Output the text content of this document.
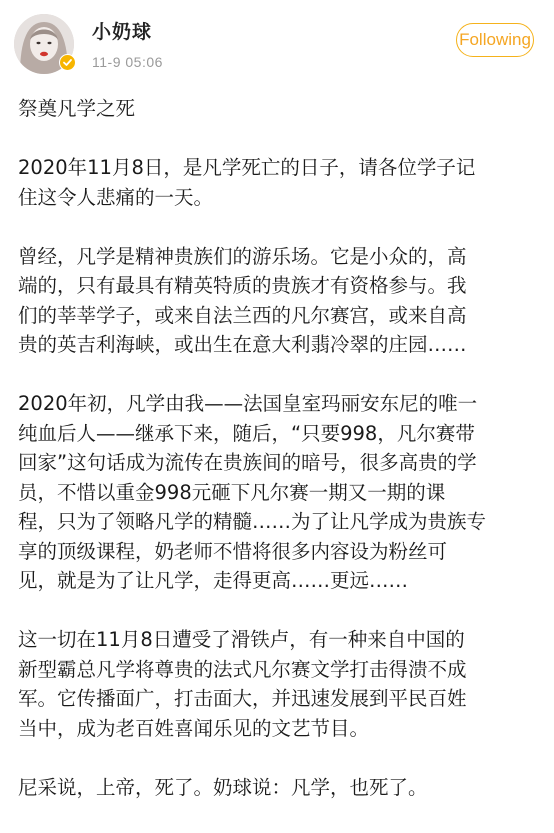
小奶球
11-9 05:06
Following
祭奠凡学之死

2020年11月8日，是凡学死亡的日子，请各位学子记
住这令人悲痛的一天。

曾经，凡学是精神贵族们的游乐场。它是小众的，高
端的，只有最具有精英特质的贵族才有资格参与。我
们的莘莘学子，或来自法兰西的凡尔赛宫，或来自高
贵的英吉利海峡，或出生在意大利翡冷翠的庄园……

2020年初，凡学由我——法国皇室玛丽安东尼的唯一
纯血后人——继承下来，随后，“只要998，凡尔赛带
回家”这句话成为流传在贵族间的暗号，很多高贵的学
员，不惜以重金998元砸下凡尔赛一期又一期的课
程，只为了领略凡学的精髓……为了让凡学成为贵族专
享的顶级课程，奶老师不惜将很多内容设为粉丝可
见，就是为了让凡学，走得更高……更远……

这一切在11月8日遭受了滑铁卢，有一种来自中国的
新型霸总凡学将尊贵的法式凡尔赛文学打击得溃不成
军。它传播面广，打击面大，并迅速发展到平民百姓
当中，成为老百姓喜闻乐见的文艺节目。

尼采说，上帝，死了。奶球说：凡学，也死了。
